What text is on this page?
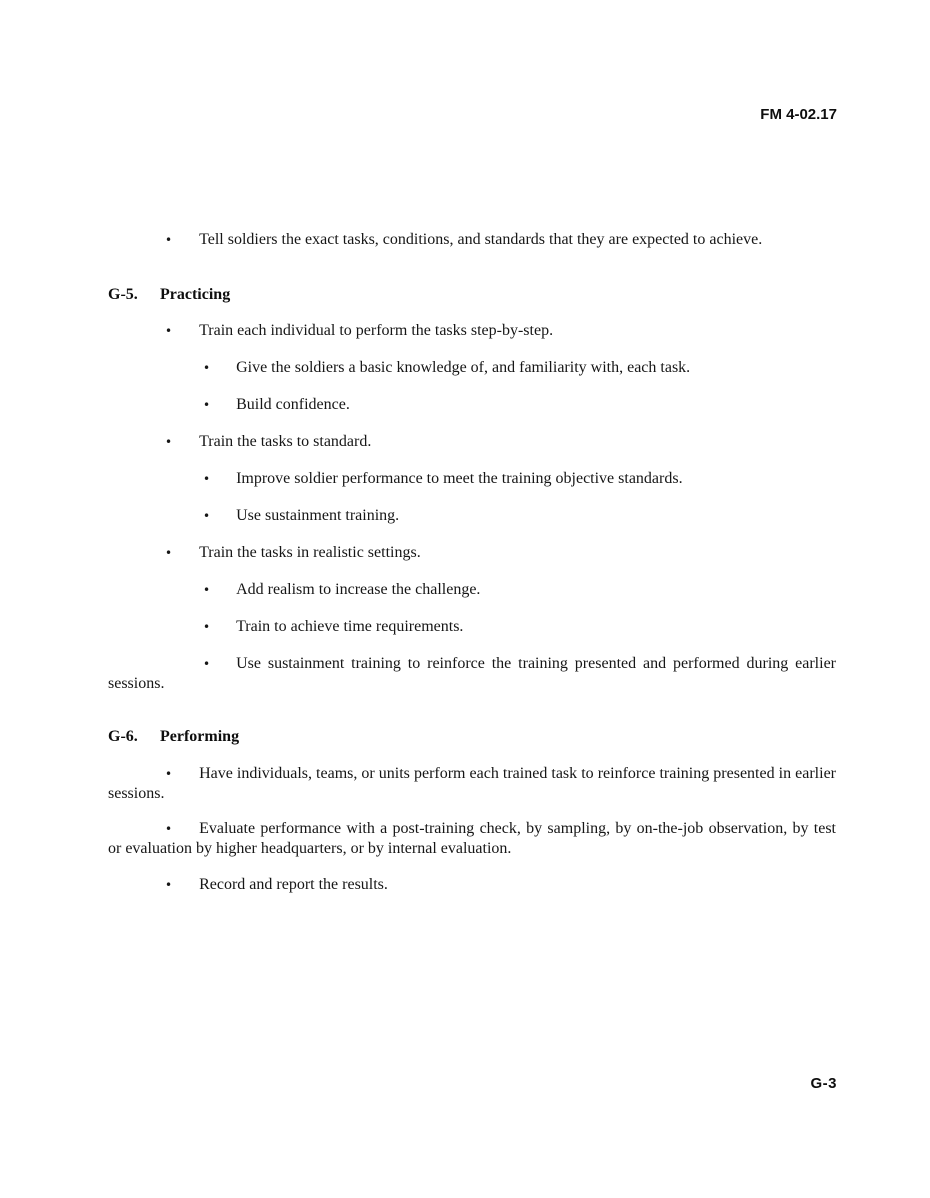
FM 4-02.17

• Tell soldiers the exact tasks, conditions, and standards that they are expected to achieve.

G-5. Practicing

• Train each individual to perform the tasks step-by-step.

• Give the soldiers a basic knowledge of, and familiarity with, each task.

• Build confidence.

• Train the tasks to standard.

• Improve soldier performance to meet the training objective standards.

• Use sustainment training.

• Train the tasks in realistic settings.

• Add realism to increase the challenge.

• Train to achieve time requirements.

• Use sustainment training to reinforce the training presented and performed during earlier sessions.

G-6. Performing

• Have individuals, teams, or units perform each trained task to reinforce training presented in earlier sessions.

• Evaluate performance with a post-training check, by sampling, by on-the-job observation, by test or evaluation by higher headquarters, or by internal evaluation.

• Record and report the results.

G-3
